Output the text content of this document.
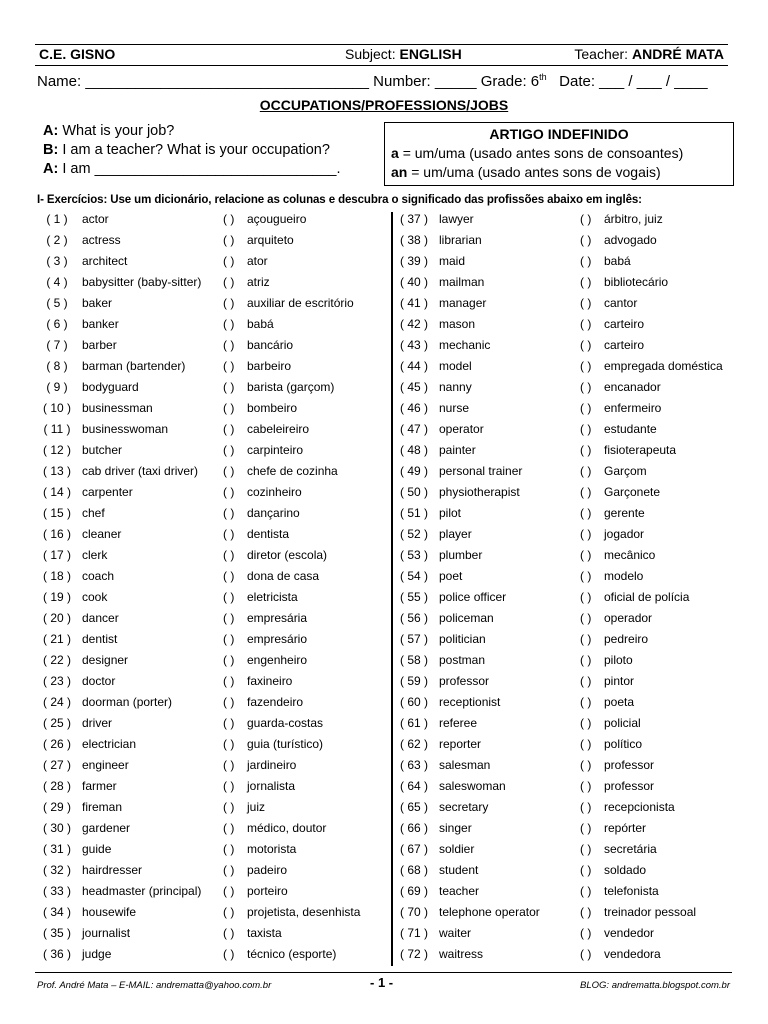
C.E. GISNO	Subject: ENGLISH	Teacher: ANDRÉ MATA
Name: __________________________________ Number: _____ Grade: 6th Date: ___ / ___ / ____
OCCUPATIONS/PROFESSIONS/JOBS
A: What is your job?
B: I am a teacher? What is your occupation?
A: I am ______________________________.
ARTIGO INDEFINIDO
a = um/uma (usado antes sons de consoantes)
an = um/uma (usado antes sons de vogais)
I- Exercícios: Use um dicionário, relacione as colunas e descubra o significado das profissões abaixo em inglês:
( 1 )	actor	( ) açougueiro
( 2 )	actress	( ) arquiteto
( 3 )	architect	( ) ator
( 4 )	babysitter (baby-sitter) ( ) atriz
( 5 )	baker	( ) auxiliar de escritório
( 6 )	banker	( ) babá
( 7 )	barber	( ) bancário
( 8 )	barman (bartender)	( ) barbeiro
( 9 )	bodyguard	( ) barista (garçom)
( 10 ) businessman	( ) bombeiro
( 11 ) businesswoman	( ) cabeleireiro
( 12 ) butcher	( ) carpinteiro
( 13 ) cab driver (taxi driver) ( ) chefe de cozinha
( 14 ) carpenter	( ) cozinheiro
( 15 ) chef	( ) dançarino
( 16 ) cleaner	( ) dentista
( 17 ) clerk	( ) diretor (escola)
( 18 ) coach	( ) dona de casa
( 19 ) cook	( ) eletricista
( 20 ) dancer	( ) empresária
( 21 ) dentist	( ) empresário
( 22 ) designer	( ) engenheiro
( 23 ) doctor	( ) faxineiro
( 24 ) doorman (porter)	( ) fazendeiro
( 25 ) driver	( ) guarda-costas
( 26 ) electrician	( ) guia (turístico)
( 27 ) engineer	( ) jardineiro
( 28 ) farmer	( ) jornalista
( 29 ) fireman	( ) juiz
( 30 ) gardener	( ) médico, doutor
( 31 ) guide	( ) motorista
( 32 ) hairdresser	( ) padeiro
( 33 ) headmaster (principal) ( ) porteiro
( 34 ) housewife	( ) projetista, desenhista
( 35 ) journalist	( ) taxista
( 36 ) judge	( ) técnico (esporte)
( 37 ) lawyer	( ) árbitro, juiz
( 38 ) librarian	( ) advogado
( 39 ) maid	( ) babá
( 40 ) mailman	( ) bibliotecário
( 41 ) manager	( ) cantor
( 42 ) mason	( ) carteiro
( 43 ) mechanic	( ) carteiro
( 44 ) model	( ) empregada doméstica
( 45 ) nanny	( ) encanador
( 46 ) nurse	( ) enfermeiro
( 47 ) operator	( ) estudante
( 48 ) painter	( ) fisioterapeuta
( 49 ) personal trainer	( ) Garçom
( 50 ) physiotherapist	( ) Garçonete
( 51 ) pilot	( ) gerente
( 52 ) player	( ) jogador
( 53 ) plumber	( ) mecânico
( 54 ) poet	( ) modelo
( 55 ) police officer	( ) oficial de polícia
( 56 ) policeman	( ) operador
( 57 ) politician	( ) pedreiro
( 58 ) postman	( ) piloto
( 59 ) professor	( ) pintor
( 60 ) receptionist	( ) poeta
( 61 ) referee	( ) policial
( 62 ) reporter	( ) político
( 63 ) salesman	( ) professor
( 64 ) saleswoman	( ) professor
( 65 ) secretary	( ) recepcionista
( 66 ) singer	( ) repórter
( 67 ) soldier	( ) secretária
( 68 ) student	( ) soldado
( 69 ) teacher	( ) telefonista
( 70 ) telephone operator	( ) treinador pessoal
( 71 ) waiter	( ) vendedor
( 72 ) waitress	( ) vendedora
Prof. André Mata – E-MAIL: andrematta@yahoo.com.br	- 1 -	BLOG: andrematta.blogspot.com.br
